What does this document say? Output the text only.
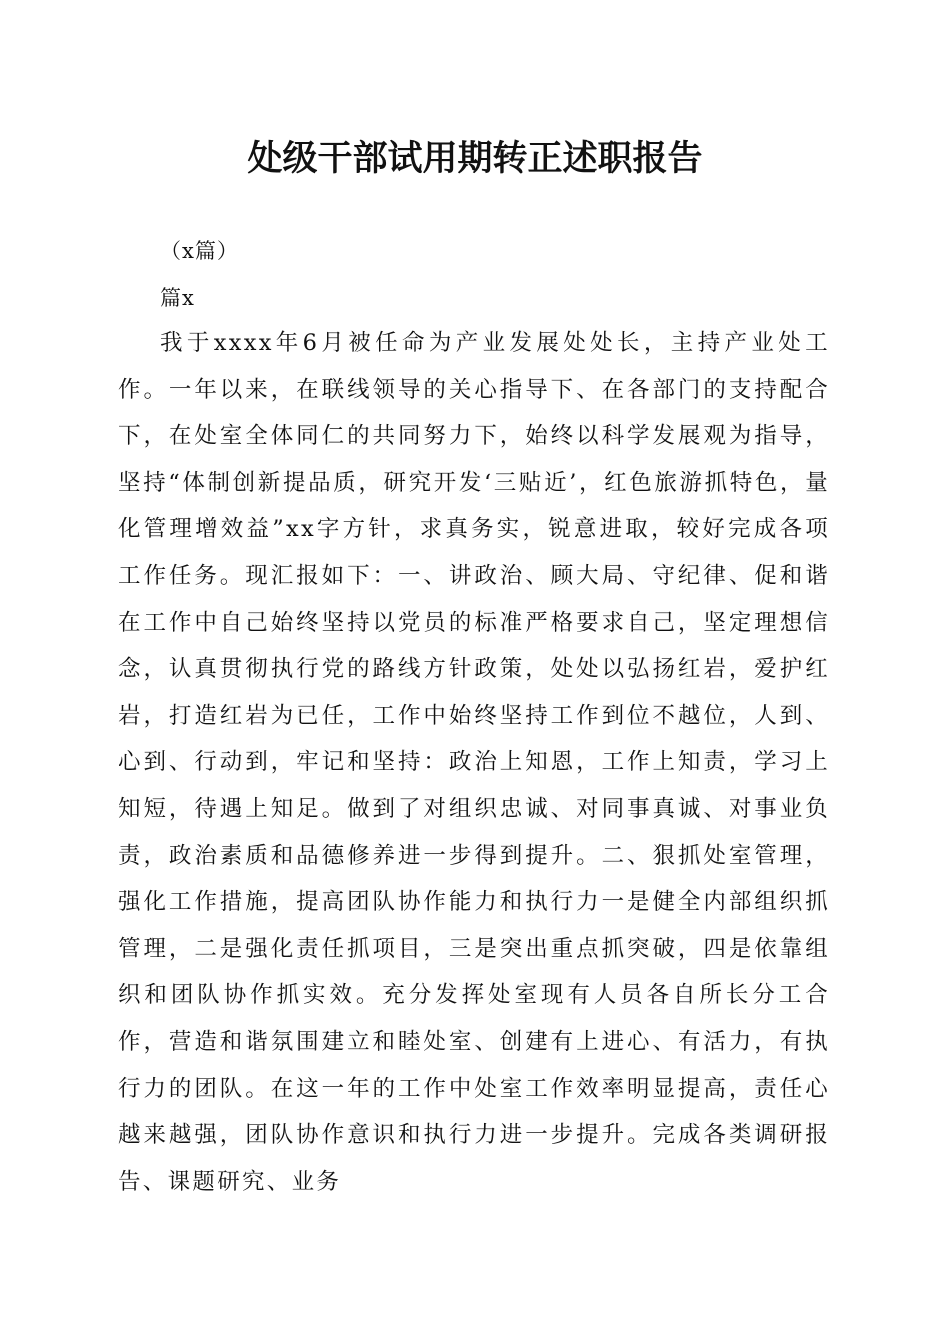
处级干部试用期转正述职报告
（x篇）
篇x

我于xxxx年6月被任命为产业发展处处长，主持产业处工作。一年以来，在联线领导的关心指导下、在各部门的支持配合下，在处室全体同仁的共同努力下，始终以科学发展观为指导，坚持“体制创新提品质，研究开发‘三贴近’，红色旅游抓特色，量化管理增效益”xx字方针，求真务实，锐意进取，较好完成各项工作任务。现汇报如下：一、讲政治、顾大局、守纪律、促和谐在工作中自己始终坚持以党员的标准严格要求自己，坚定理想信念，认真贯彻执行党的路线方针政策，处处以弘扬红岩，爱护红岩，打造红岩为已任，工作中始终坚持工作到位不越位，人到、心到、行动到，牢记和坚持：政治上知恩，工作上知责，学习上知短，待遇上知足。做到了对组织忠诚、对同事真诚、对事业负责，政治素质和品德修养进一步得到提升。二、狠抓处室管理，强化工作措施，提高团队协作能力和执行力一是健全内部组织抓管理，二是强化责任抓项目，三是突出重点抓突破，四是依靠组织和团队协作抓实效。充分发挥处室现有人员各自所长分工合作，营造和谐氛围建立和睦处室、创建有上进心、有活力，有执行力的团队。在这一年的工作中处室工作效率明显提高，责任心越来越强，团队协作意识和执行力进一步提升。完成各类调研报告、课题研究、业务
